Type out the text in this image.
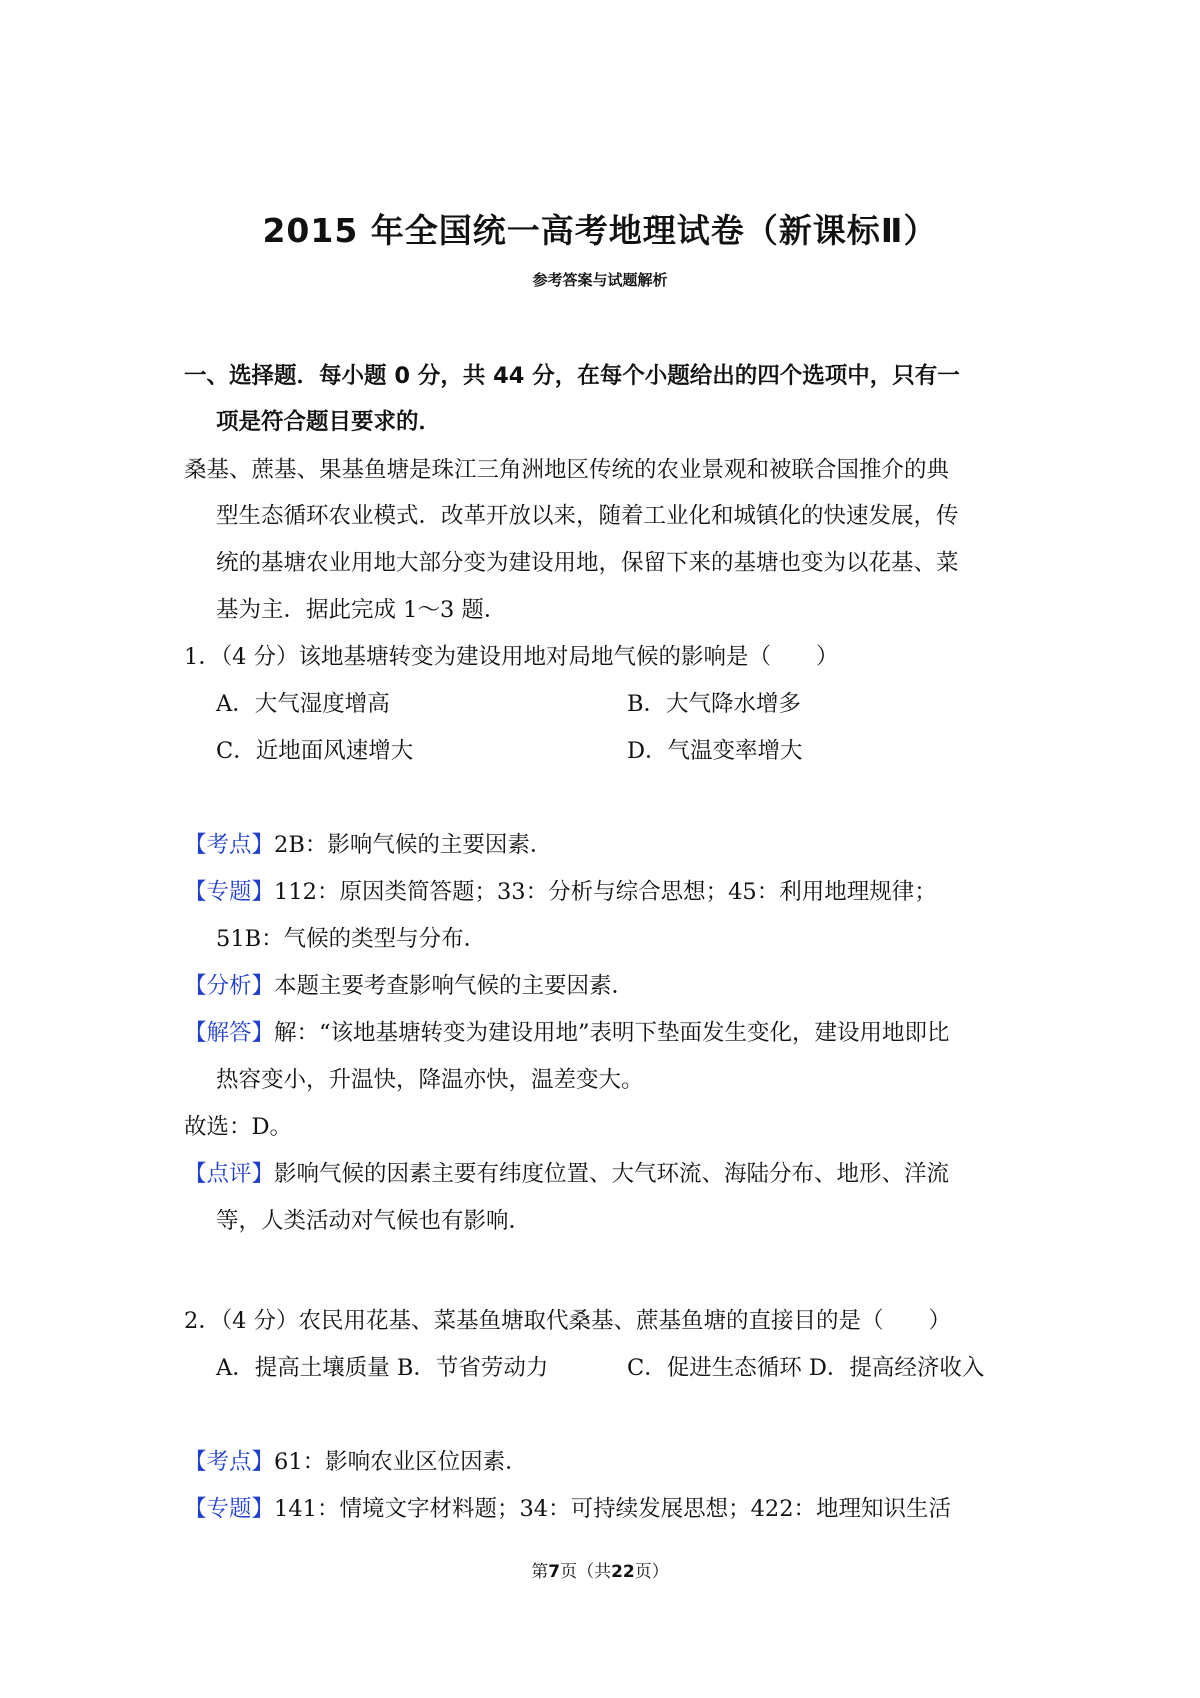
2015 年全国统一高考地理试卷（新课标Ⅱ）
参考答案与试题解析
一、选择题．每小题 0 分，共 44 分，在每个小题给出的四个选项中，只有一
项是符合题目要求的．
桑基、蔗基、果基鱼塘是珠江三角洲地区传统的农业景观和被联合国推介的典
型生态循环农业模式．改革开放以来，随着工业化和城镇化的快速发展，传
统的基塘农业用地大部分变为建设用地，保留下来的基塘也变为以花基、菜
基为主．据此完成 1～3 题．
1．（4 分）该地基塘转变为建设用地对局地气候的影响是（　　）
A．大气湿度增高	B．大气降水增多
C．近地面风速增大	D．气温变率增大
【考点】2B：影响气候的主要因素．
【专题】112：原因类简答题；33：分析与综合思想；45：利用地理规律；
51B：气候的类型与分布．
【分析】本题主要考查影响气候的主要因素．
【解答】解：“该地基塘转变为建设用地”表明下垫面发生变化，建设用地即比
热容变小，升温快，降温亦快，温差变大。
故选：D。
【点评】影响气候的因素主要有纬度位置、大气环流、海陆分布、地形、洋流
等，人类活动对气候也有影响．
2．（4 分）农民用花基、菜基鱼塘取代桑基、蔗基鱼塘的直接目的是（　　）
A．提高土壤质量 B．节省劳动力	C．促进生态循环 D．提高经济收入
【考点】61：影响农业区位因素．
【专题】141：情境文字材料题；34：可持续发展思想；422：地理知识生活
第7页（共22页）
